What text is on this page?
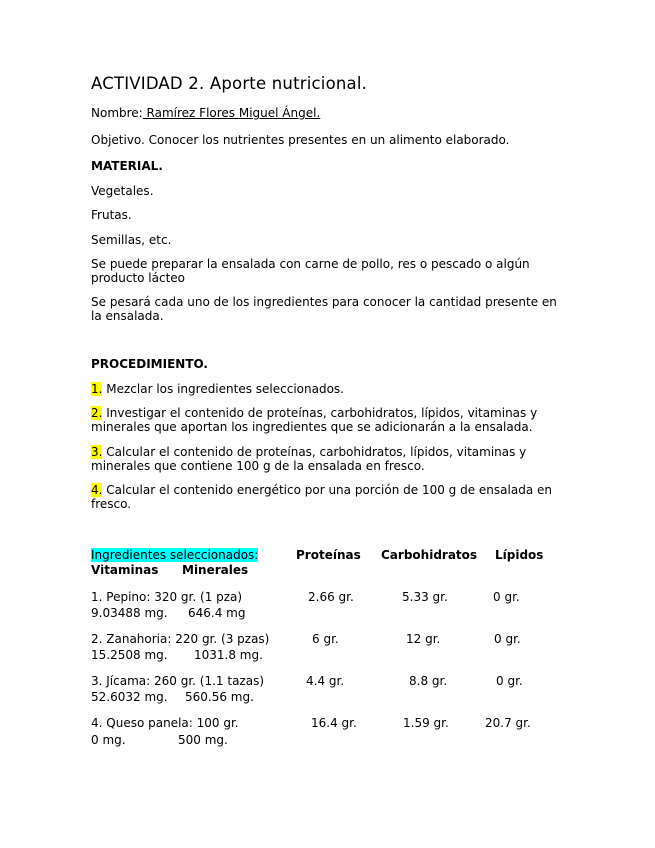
ACTIVIDAD 2. Aporte nutricional.

Nombre: Ramírez Flores Miguel Ángel.

Objetivo. Conocer los nutrientes presentes en un alimento elaborado.

MATERIAL.

Vegetales.

Frutas.

Semillas, etc.

Se puede preparar la ensalada con carne de pollo, res o pescado o algún producto lácteo

Se pesará cada uno de los ingredientes para conocer la cantidad presente en la ensalada.

PROCEDIMIENTO.

1. Mezclar los ingredientes seleccionados.

2. Investigar el contenido de proteínas, carbohidratos, lípidos, vitaminas y minerales que aportan los ingredientes que se adicionarán a la ensalada.

3. Calcular el contenido de proteínas, carbohidratos, lípidos, vitaminas y minerales que contiene 100 g de la ensalada en fresco.

4. Calcular el contenido energético por una porción de 100 g de ensalada en fresco.

Ingredientes seleccionados:	Proteínas Carbohidratos Lípidos
Vitaminas Minerales
1. Pepino: 320 gr. (1 pza)	2.66 gr.	5.33 gr.	0 gr.
9.03488 mg. 646.4 mg
2. Zanahoria: 220 gr. (3 pzas)	6 gr.	12 gr.	0 gr.
15.2508 mg. 1031.8 mg.
3. Jícama: 260 gr. (1.1 tazas)	4.4 gr.	8.8 gr.	0 gr.
52.6032 mg. 560.56 mg.
4. Queso panela: 100 gr.	16.4 gr.	1.59 gr.	20.7 gr.
0 mg.	500 mg.
